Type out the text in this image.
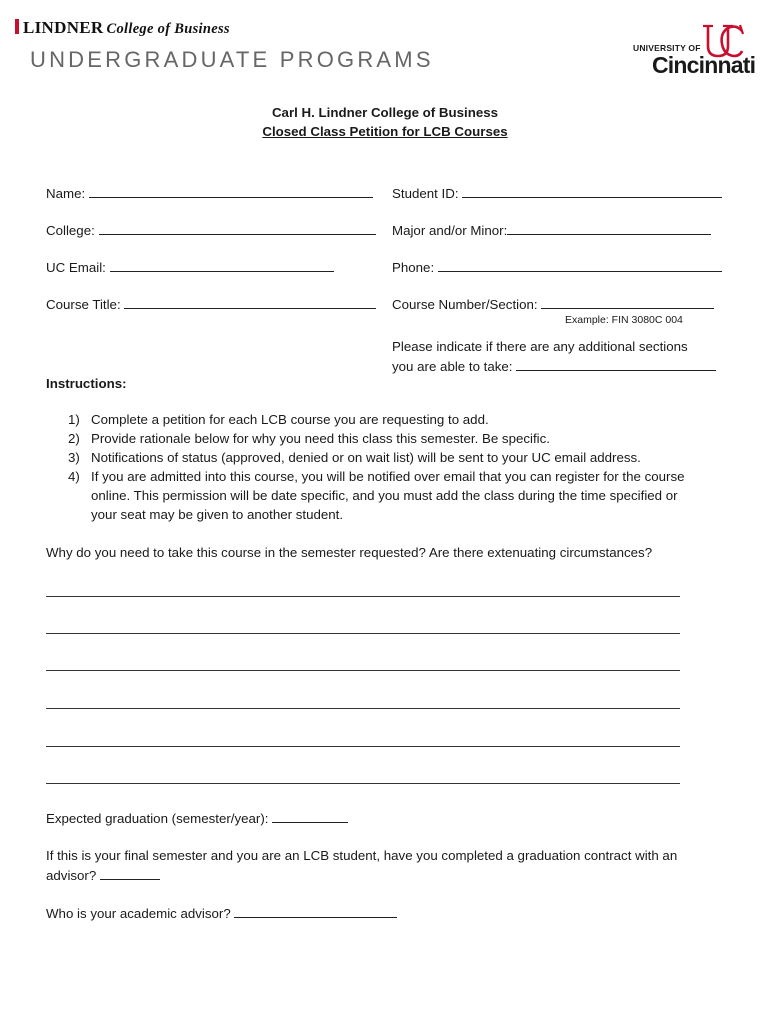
LINDNER College of Business
UNDERGRADUATE PROGRAMS	UNIVERSITY OF
Cincinnati
Carl H. Lindner College of Business
Closed Class Petition for LCB Courses
Name:	Student ID:
College:	Major and/or Minor:
UC Email:	Phone:
Course Title:	Course Number/Section:
Example: FIN 3080C 004
Please indicate if there are any additional sections
you are able to take:
Instructions:
1) Complete a petition for each LCB course you are requesting to add.
2) Provide rationale below for why you need this class this semester. Be specific.
3) Notifications of status (approved, denied or on wait list) will be sent to your UC email address.
4) If you are admitted into this course, you will be notified over email that you can register for the course
online. This permission will be date specific, and you must add the class during the time specified or
your seat may be given to another student.
Why do you need to take this course in the semester requested? Are there extenuating circumstances?
Expected graduation (semester/year):
If this is your final semester and you are an LCB student, have you completed a graduation contract with an
advisor?
Who is your academic advisor?
